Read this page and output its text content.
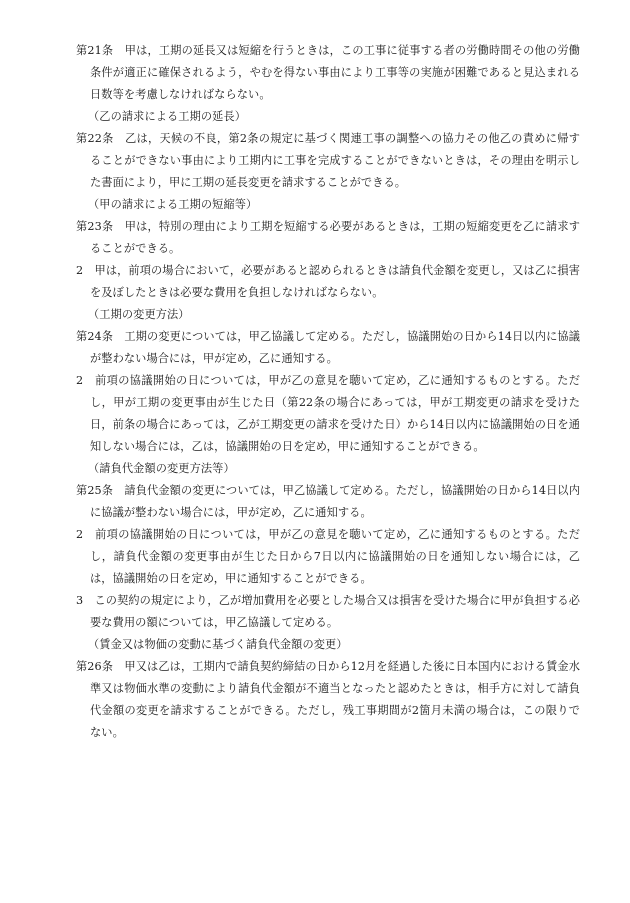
第21条　甲は，工期の延長又は短縮を行うときは，この工事に従事する者の労働時間その他の労働条件が適正に確保されるよう，やむを得ない事由により工事等の実施が困難であると見込まれる日数等を考慮しなければならない。
（乙の請求による工期の延長）
第22条　乙は，天候の不良，第2条の規定に基づく関連工事の調整への協力その他乙の責めに帰することができない事由により工期内に工事を完成することができないときは，その理由を明示した書面により，甲に工期の延長変更を請求することができる。
（甲の請求による工期の短縮等）
第23条　甲は，特別の理由により工期を短縮する必要があるときは，工期の短縮変更を乙に請求することができる。
2　甲は，前項の場合において，必要があると認められるときは請負代金額を変更し，又は乙に損害を及ぼしたときは必要な費用を負担しなければならない。
（工期の変更方法）
第24条　工期の変更については，甲乙協議して定める。ただし，協議開始の日から14日以内に協議が整わない場合には，甲が定め，乙に通知する。
2　前項の協議開始の日については，甲が乙の意見を聴いて定め，乙に通知するものとする。ただし，甲が工期の変更事由が生じた日（第22条の場合にあっては，甲が工期変更の請求を受けた日，前条の場合にあっては，乙が工期変更の請求を受けた日）から14日以内に協議開始の日を通知しない場合には，乙は，協議開始の日を定め，甲に通知することができる。
（請負代金額の変更方法等）
第25条　請負代金額の変更については，甲乙協議して定める。ただし，協議開始の日から14日以内に協議が整わない場合には，甲が定め，乙に通知する。
2　前項の協議開始の日については，甲が乙の意見を聴いて定め，乙に通知するものとする。ただし，請負代金額の変更事由が生じた日から7日以内に協議開始の日を通知しない場合には，乙は，協議開始の日を定め，甲に通知することができる。
3　この契約の規定により，乙が増加費用を必要とした場合又は損害を受けた場合に甲が負担する必要な費用の額については，甲乙協議して定める。
（賃金又は物価の変動に基づく請負代金額の変更）
第26条　甲又は乙は，工期内で請負契約締結の日から12月を経過した後に日本国内における賃金水準又は物価水準の変動により請負代金額が不適当となったと認めたときは，相手方に対して請負代金額の変更を請求することができる。ただし，残工事期間が2箇月未満の場合は，この限りでない。
